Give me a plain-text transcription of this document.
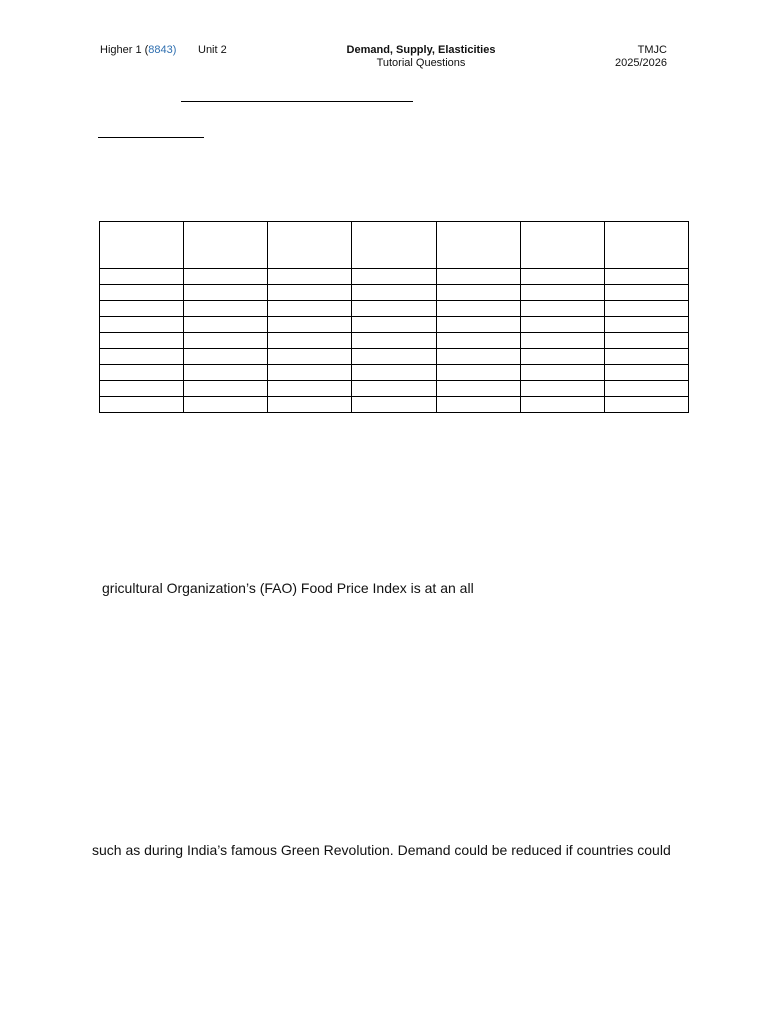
Higher 1 (8843) Unit 2	Demand, Supply, Elasticities
Tutorial Questions
TMJC
2025/2026

gricultural Organization’s (FAO) Food Price Index is at an all
such as during India’s famous Green Revolution. Demand could be reduced if countries could
